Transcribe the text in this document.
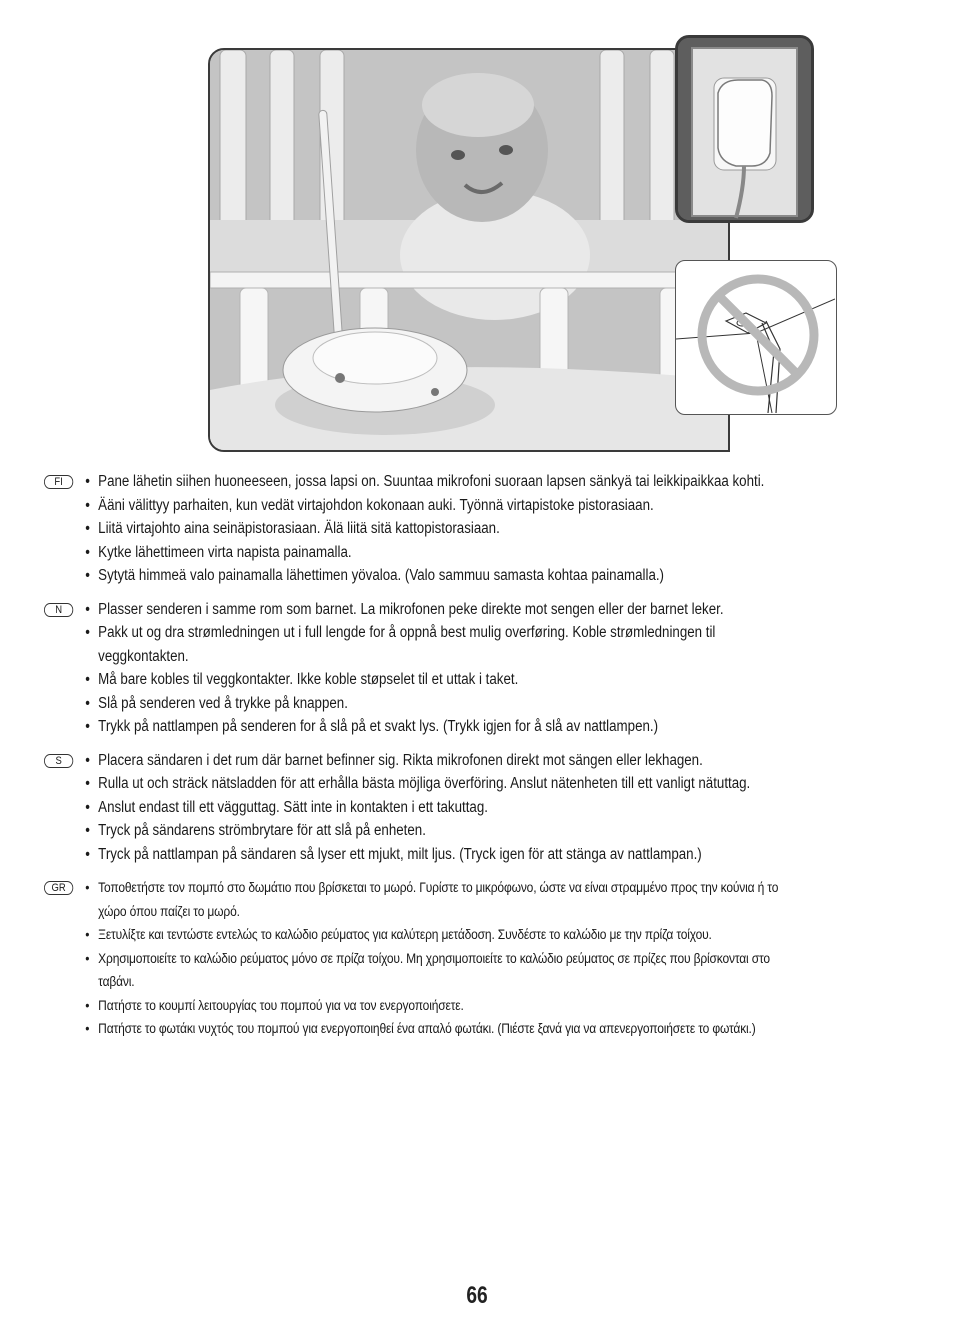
FI	• Pane lähetin siihen huoneeseen, jossa lapsi on. Suuntaa mikrofoni suoraan lapsen sänkyä tai leikkipaikkaa kohti.
• Ääni välittyy parhaiten, kun vedät virtajohdon kokonaan auki. Työnnä virtapistoke pistorasiaan.
• Liitä virtajohto aina seinäpistorasiaan. Älä liitä sitä kattopistorasiaan.
• Kytke lähettimeen virta napista painamalla.
• Sytytä himmeä valo painamalla lähettimen yövaloa. (Valo sammuu samasta kohtaa painamalla.)
N	• Plasser senderen i samme rom som barnet. La mikrofonen peke direkte mot sengen eller der barnet leker.
• Pakk ut og dra strømledningen ut i full lengde for å oppnå best mulig overføring. Koble strømledningen til veggkontakten.
• Må bare kobles til veggkontakter. Ikke koble støpselet til et uttak i taket.
• Slå på senderen ved å trykke på knappen.
• Trykk på nattlampen på senderen for å slå på et svakt lys. (Trykk igjen for å slå av nattlampen.)
S	• Placera sändaren i det rum där barnet befinner sig. Rikta mikrofonen direkt mot sängen eller lekhagen.
• Rulla ut och sträck nätsladden för att erhålla bästa möjliga överföring. Anslut nätenheten till ett vanligt nätuttag.
• Anslut endast till ett vägguttag. Sätt inte in kontakten i ett takuttag.
• Tryck på sändarens strömbrytare för att slå på enheten.
• Tryck på nattlampan på sändaren så lyser ett mjukt, milt ljus. (Tryck igen för att stänga av nattlampan.)
GR	• Τοποθετήστε τον πομπό στο δωμάτιο που βρίσκεται το μωρό. Γυρίστε το μικρόφωνο, ώστε να είναι στραμμένο προς την κούνια ή το χώρο όπου παίζει το μωρό.
• Ξετυλίξτε και τεντώστε εντελώς το καλώδιο ρεύματος για καλύτερη μετάδοση. Συνδέστε το καλώδιο με την πρίζα τοίχου.
• Χρησιμοποιείτε το καλώδιο ρεύματος μόνο σε πρίζα τοίχου. Μη χρησιμοποιείτε το καλώδιο ρεύματος σε πρίζες που βρίσκονται στο ταβάνι.
• Πατήστε το κουμπί λειτουργίας του πομπού για να τον ενεργοποιήσετε.
• Πατήστε το φωτάκι νυχτός του πομπού για ενεργοποιηθεί ένα απαλό φωτάκι. (Πιέστε ξανά για να απενεργοποιήσετε το φωτάκι.)
66
